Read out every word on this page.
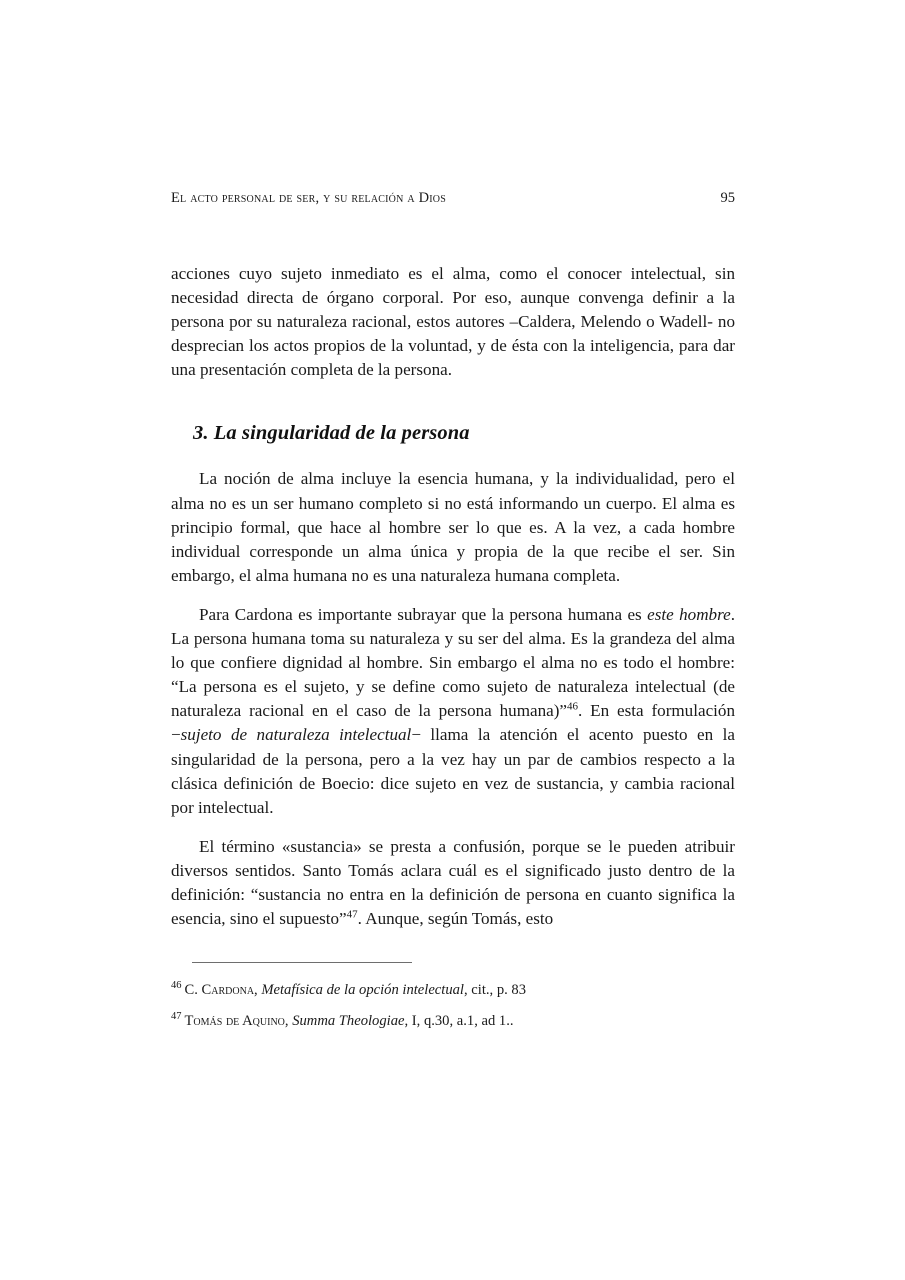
El acto personal de ser, y su relación a Dios	95

acciones cuyo sujeto inmediato es el alma, como el conocer intelectual, sin necesidad directa de órgano corporal. Por eso, aunque convenga definir a la persona por su naturaleza racional, estos autores –Caldera, Melendo o Wadell- no desprecian los actos propios de la voluntad, y de ésta con la inteligencia, para dar una presentación completa de la persona.

3. La singularidad de la persona

La noción de alma incluye la esencia humana, y la individualidad, pero el alma no es un ser humano completo si no está informando un cuerpo. El alma es principio formal, que hace al hombre ser lo que es. A la vez, a cada hombre individual corresponde un alma única y propia de la que recibe el ser. Sin embargo, el alma humana no es una naturaleza humana completa.

Para Cardona es importante subrayar que la persona humana es este hombre. La persona humana toma su naturaleza y su ser del alma. Es la grandeza del alma lo que confiere dignidad al hombre. Sin embargo el alma no es todo el hombre: “La persona es el sujeto, y se define como sujeto de naturaleza intelectual (de naturaleza racional en el caso de la persona humana)”$^{46}$. En esta formulación −sujeto de naturaleza intelectual− llama la atención el acento puesto en la singularidad de la persona, pero a la vez hay un par de cambios respecto a la clásica definición de Boecio: dice sujeto en vez de sustancia, y cambia racional por intelectual.

El término «sustancia» se presta a confusión, porque se le pueden atribuir diversos sentidos. Santo Tomás aclara cuál es el significado justo dentro de la definición: “sustancia no entra en la definición de persona en cuanto significa la esencia, sino el supuesto”$^{47}$. Aunque, según Tomás, esto

$^{46}$ C. Cardona, Metafísica de la opción intelectual, cit., p. 83

$^{47}$ Tomás de Aquino, Summa Theologiae, I, q.30, a.1, ad 1..
